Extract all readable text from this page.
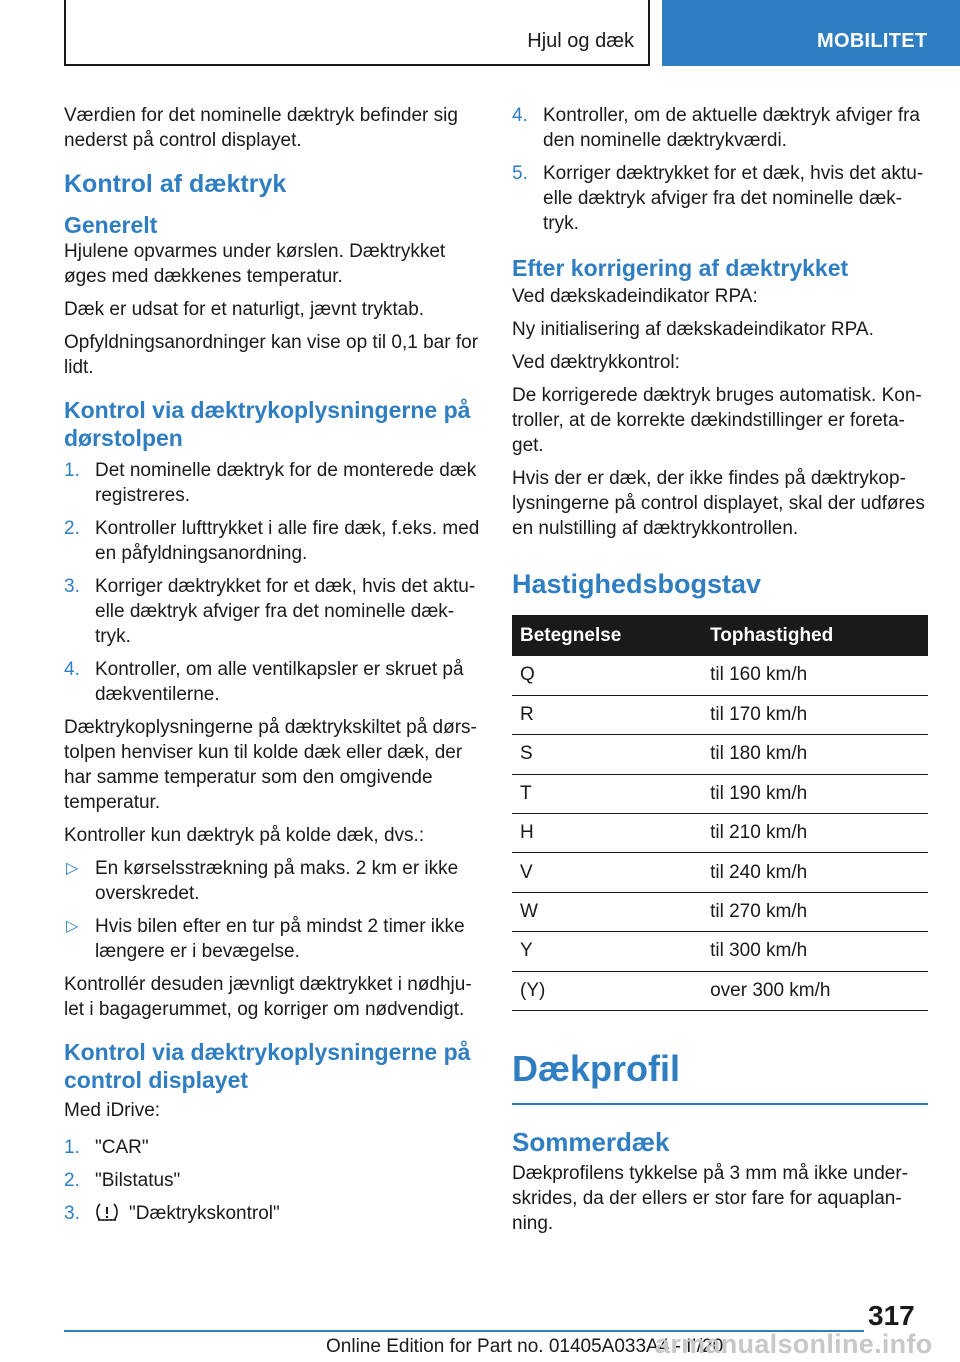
Hjul og dæk	MOBILITET

Værdien for det nominelle dæktryk befinder sig nederst på control displayet.

Kontrol af dæktryk
Generelt

Hjulene opvarmes under kørslen. Dæktrykket øges med dækkenes temperatur.

Dæk er udsat for et naturligt, jævnt tryktab.

Opfyldningsanordninger kan vise op til 0,1 bar for lidt.

Kontrol via dæktrykoplysningerne på dørstolpen
1. Det nominelle dæktryk for de monterede dæk registreres.
2. Kontroller lufttrykket i alle fire dæk, f.eks. med en påfyldningsanordning.
3. Korriger dæktrykket for et dæk, hvis det aktuelle dæktryk afviger fra det nominelle dæktryk.
4. Kontroller, om alle ventilkapsler er skruet på dækventilerne.

Dæktrykoplysningerne på dæktrykskiltet på dørstolpen henviser kun til kolde dæk eller dæk, der har samme temperatur som den omgivende temperatur.

Kontroller kun dæktryk på kolde dæk, dvs.:

▷ En kørselsstrækning på maks. 2 km er ikke overskredet.
▷ Hvis bilen efter en tur på mindst 2 timer ikke længere er i bevægelse.

Kontrollér desuden jævnligt dæktrykket i nødhjulet i bagagerummet, og korriger om nødvendigt.

Kontrol via dæktrykoplysningerne på control displayet

Med iDrive:

1. "CAR"
2. "Bilstatus"
3.	"Dæktrykskontrol"
4. Kontroller, om de aktuelle dæktryk afviger fra den nominelle dæktrykværdi.
5. Korriger dæktrykket for et dæk, hvis det aktuelle dæktryk afviger fra det nominelle dæktryk.
Efter korrigering af dæktrykket

Ved dækskadeindikator RPA:

Ny initialisering af dækskadeindikator RPA.

Ved dæktrykkontrol:

De korrigerede dæktryk bruges automatisk. Kontroller, at de korrekte dækindstillinger er foretaget.

Hvis der er dæk, der ikke findes på dæktrykoplysningerne på control displayet, skal der udføres en nulstilling af dæktrykkontrollen.

Hastighedsbogstav
Betegnelse	Tophastighed
Q	til 160 km/h
R	til 170 km/h
S	til 180 km/h
T	til 190 km/h
H	til 210 km/h
V	til 240 km/h
W	til 270 km/h
Y	til 300 km/h
(Y)	over 300 km/h
Dækprofil
Sommerdæk

Dækprofilens tykkelse på 3 mm må ikke underskrides, da der ellers er stor fare for aquaplanning.

317
Online Edition for Part no. 01405A033A4 - II/20
armanualsonline.info
